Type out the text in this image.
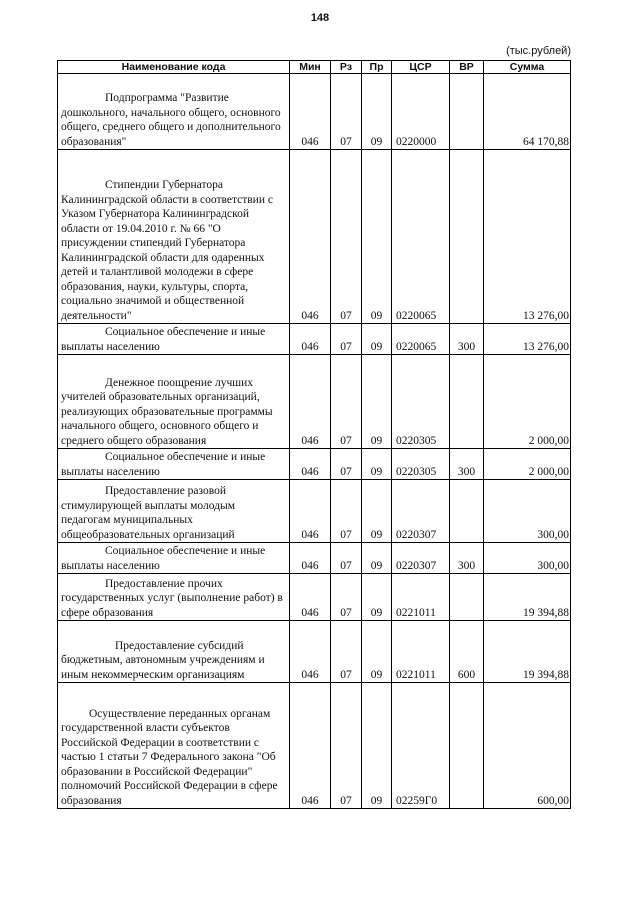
148
(тыс.рублей)
Наименование кода	Мин	Рз	Пр	ЦСР	ВР	Сумма
Подпрограмма "Развитие дошкольного, начального общего, основного общего, среднего общего и дополнительного образования"	046	07	09	0220000		64 170,88
Стипендии Губернатора Калининградской области в соответствии с Указом Губернатора Калининградской области от 19.04.2010 г. № 66 "О присуждении стипендий Губернатора Калининградской области для одаренных детей и талантливой молодежи в сфере образования, науки, культуры, спорта, социально значимой и общественной деятельности"	046	07	09	0220065		13 276,00
Социальное обеспечение и иные выплаты населению	046	07	09	0220065	300	13 276,00
Денежное поощрение лучших учителей образовательных организаций, реализующих образовательные программы начального общего, основного общего и среднего общего образования	046	07	09	0220305		2 000,00
Социальное обеспечение и иные выплаты населению	046	07	09	0220305	300	2 000,00
Предоставление разовой стимулирующей выплаты молодым педагогам муниципальных общеобразовательных организаций	046	07	09	0220307		300,00
Социальное обеспечение и иные выплаты населению	046	07	09	0220307	300	300,00
Предоставление прочих государственных услуг (выполнение работ) в сфере образования	046	07	09	0221011		19 394,88
Предоставление субсидий бюджетным, автономным учреждениям и иным некоммерческим организациям	046	07	09	0221011	600	19 394,88
Осуществление переданных органам государственной власти субъектов Российской Федерации в соответствии с частью 1 статьи 7 Федерального закона "Об образовании в Российской Федерации" полномочий Российской Федерации в сфере образования	046	07	09	02259Г0		600,00
